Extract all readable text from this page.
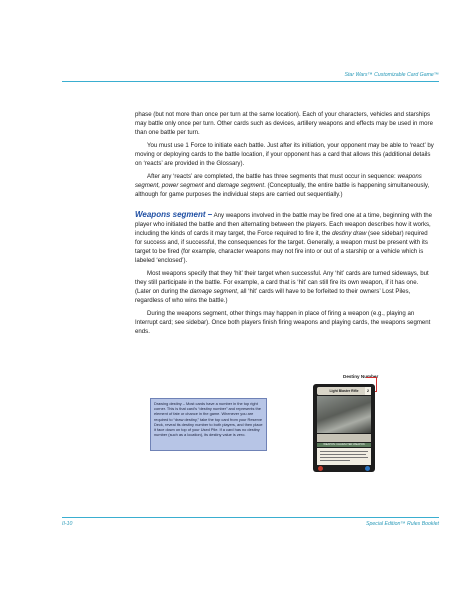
Star Wars™ Customizable Card Game™

phase (but not more than once per turn at the same location). Each of your characters, vehicles and starships may battle only once per turn. Other cards such as devices, artillery weapons and effects may be used in more than one battle per turn.

You must use 1 Force to initiate each battle. Just after its initiation, your opponent may be able to ‘react’ by moving or deploying cards to the battle location, if your opponent has a card that allows this (additional details on ‘reacts’ are provided in the Glossary).

After any ‘reacts’ are completed, the battle has three segments that must occur in sequence: weapons segment, power segment and damage segment. (Conceptually, the entire battle is happening simultaneously, although for game purposes the individual steps are carried out sequentially.)

Weapons segment – Any weapons involved in the battle may be fired one at a time, beginning with the player who initiated the battle and then alternating between the players. Each weapon describes how it works, including the kinds of cards it may target, the Force required to fire it, the destiny draw (see sidebar) required for success and, if successful, the consequences for the target. Generally, a weapon must be present with its target to be fired (for example, character weapons may not fire into or out of a starship or a vehicle which is labeled ‘enclosed’).

Most weapons specify that they ‘hit’ their target when successful. Any ‘hit’ cards are turned sideways, but they still participate in the battle. For example, a card that is ‘hit’ can still fire its own weapon, if it has one. (Later on during the damage segment, all ‘hit’ cards will have to be forfeited to their owners’ Lost Piles, regardless of who wins the battle.)

During the weapons segment, other things may happen in place of firing a weapon (e.g., playing an Interrupt card; see sidebar). Once both players finish firing weapons and playing cards, the weapons segment ends.

Drawing destiny – Most cards have a number in the top right corner. This is that card’s “destiny number” and represents the element of fate or chance in the game. Whenever you are required to “draw destiny,” take the top card from your Reserve Deck, reveal its destiny number to both players, and then place it face down on top of your Used Pile. If a card has no destiny number (such as a location), its destiny value is zero.
Destiny Number
Light Blaster Rifle	2
WEAPON: CHARACTER WEAPON
II-10	Special Edition™ Rules Booklet
